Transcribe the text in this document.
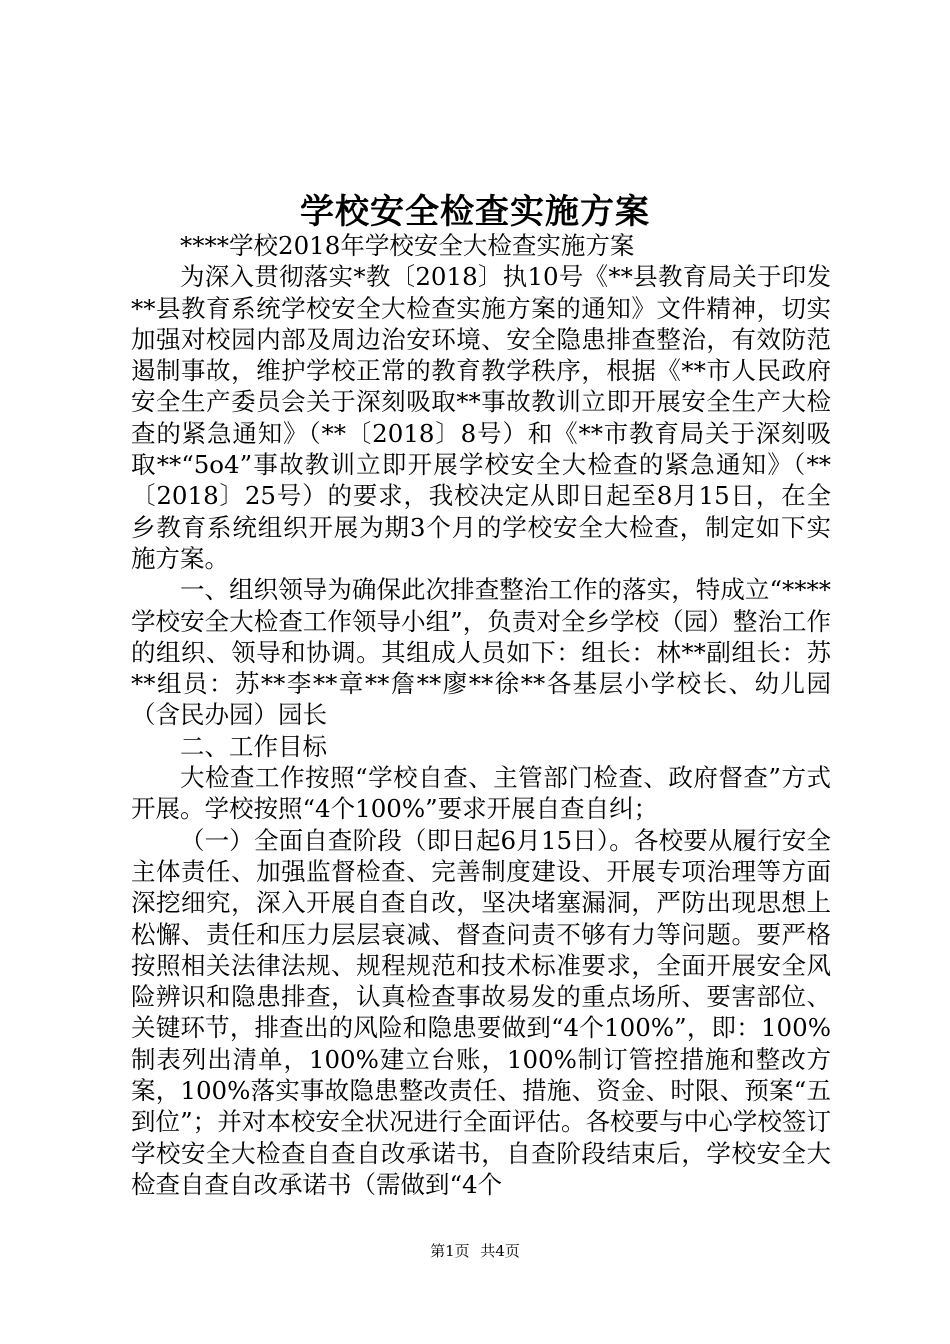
学校安全检查实施方案

****学校2018年学校安全大检查实施方案

为深入贯彻落实*教〔2018〕执10号《**县教育局关于印发**县教育系统学校安全大检查实施方案的通知》文件精神，切实加强对校园内部及周边治安环境、安全隐患排查整治，有效防范遏制事故，维护学校正常的教育教学秩序，根据《**市人民政府安全生产委员会关于深刻吸取**事故教训立即开展安全生产大检查的紧急通知》（**〔2018〕8号）和《**市教育局关于深刻吸取**“5o4”事故教训立即开展学校安全大检查的紧急通知》（**〔2018〕25号）的要求，我校决定从即日起至8月15日，在全乡教育系统组织开展为期3个月的学校安全大检查，制定如下实施方案。

一、组织领导为确保此次排查整治工作的落实，特成立“****学校安全大检查工作领导小组”，负责对全乡学校（园）整治工作的组织、领导和协调。其组成人员如下：组长：林**副组长：苏**组员：苏**李**章**詹**廖**徐**各基层小学校长、幼儿园（含民办园）园长

二、工作目标

大检查工作按照“学校自查、主管部门检查、政府督查”方式开展。学校按照“4个100%”要求开展自查自纠；

（一）全面自查阶段（即日起6月15日）。各校要从履行安全主体责任、加强监督检查、完善制度建设、开展专项治理等方面深挖细究，深入开展自查自改，坚决堵塞漏洞，严防出现思想上松懈、责任和压力层层衰减、督查问责不够有力等问题。要严格按照相关法律法规、规程规范和技术标准要求，全面开展安全风险辨识和隐患排查，认真检查事故易发的重点场所、要害部位、关键环节，排查出的风险和隐患要做到“4个100%”，即：100%制表列出清单，100%建立台账，100%制订管控措施和整改方案，100%落实事故隐患整改责任、措施、资金、时限、预案“五到位”；并对本校安全状况进行全面评估。各校要与中心学校签订学校安全大检查自查自改承诺书，自查阶段结束后，学校安全大检查自查自改承诺书（需做到“4个

第1页 共4页
